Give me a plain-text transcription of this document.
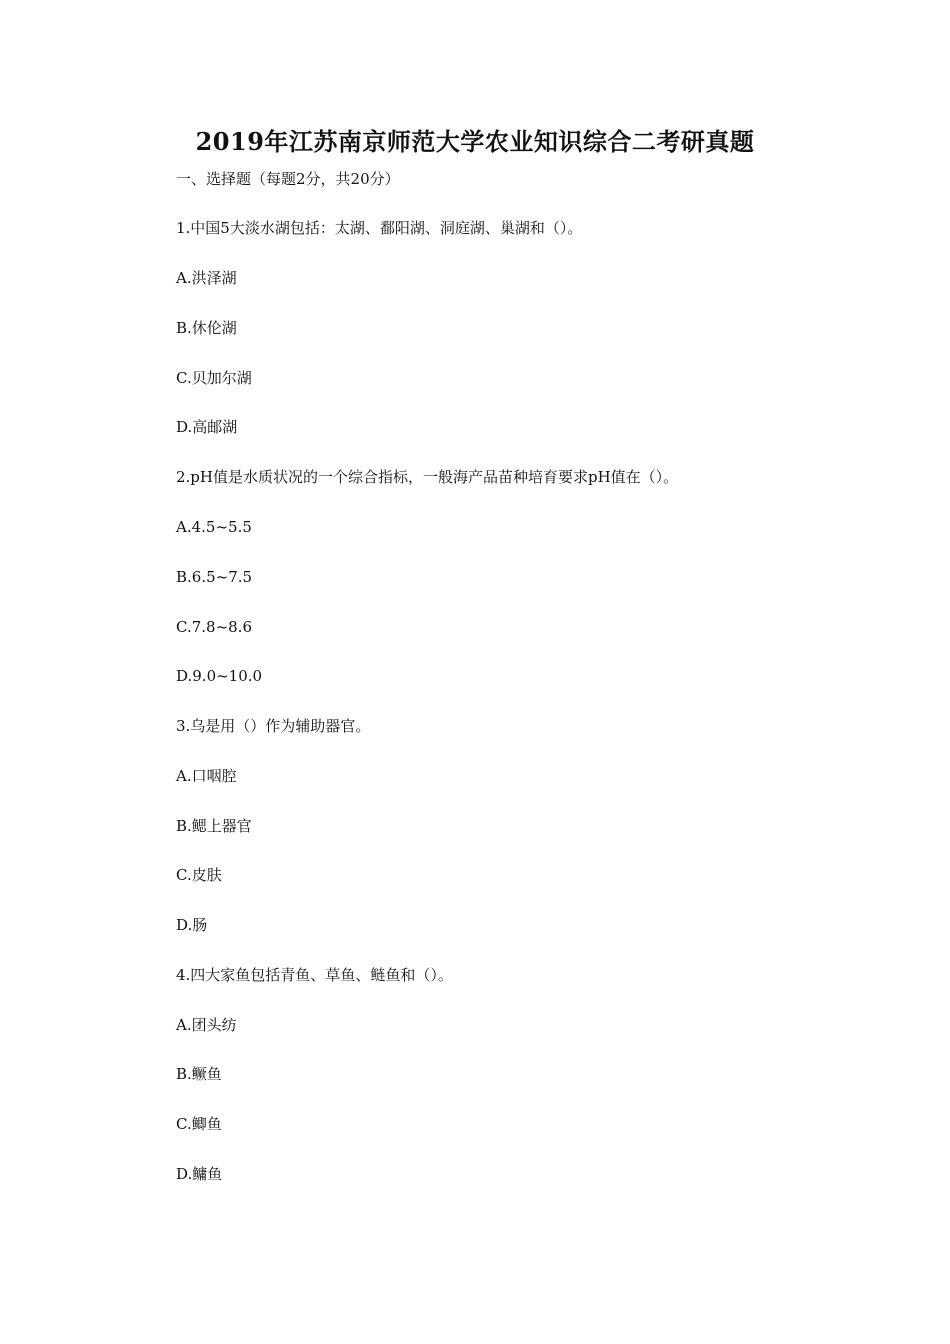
2019年江苏南京师范大学农业知识综合二考研真题
一、选择题（每题2分，共20分）
1.中国5大淡水湖包括：太湖、鄱阳湖、洞庭湖、巢湖和（）。
A.洪泽湖
B.休伦湖
C.贝加尔湖
D.高邮湖
2.pH值是水质状况的一个综合指标，一般海产品苗种培育要求pH值在（）。
A.4.5~5.5
B.6.5~7.5
C.7.8~8.6
D.9.0~10.0
3.乌是用（）作为辅助器官。
A.口咽腔
B.鳃上器官
C.皮肤
D.肠
4.四大家鱼包括青鱼、草鱼、鲢鱼和（）。
A.团头纺
B.鳜鱼
C.鲫鱼
D.鳙鱼
